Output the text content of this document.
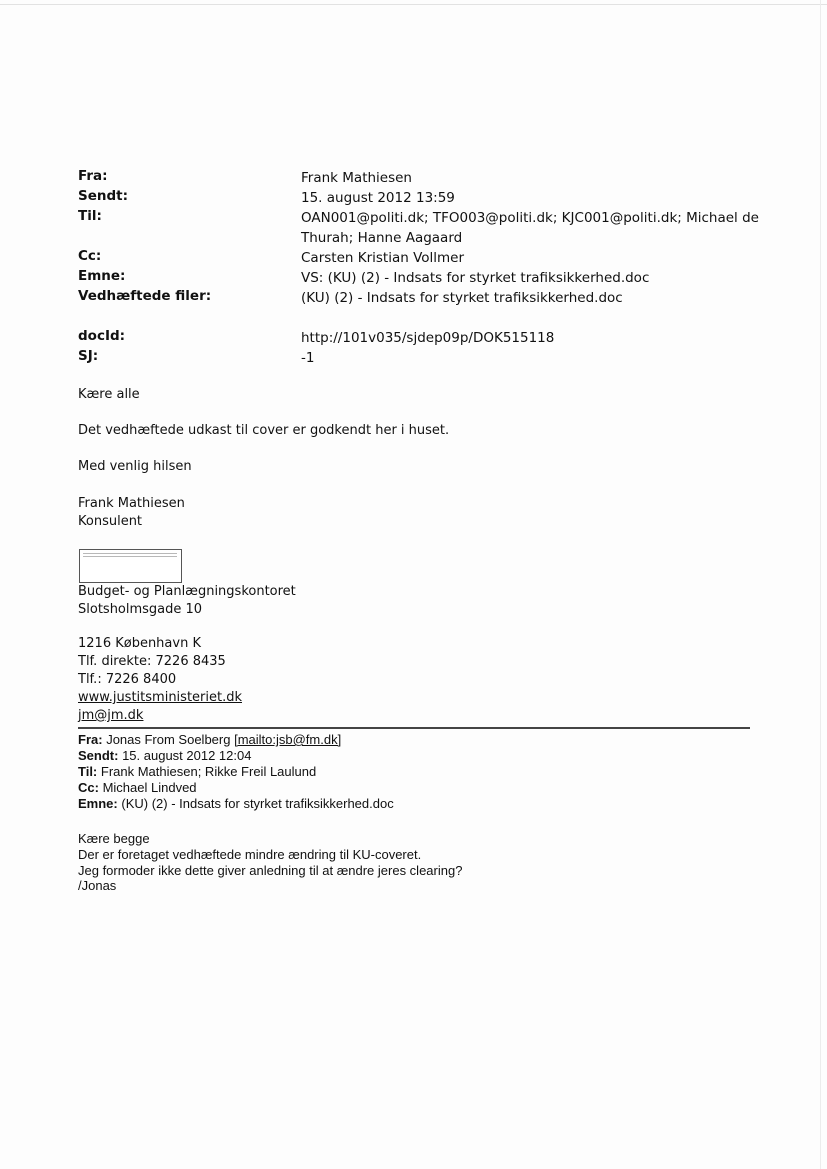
Fra:	Frank Mathiesen
Sendt:	15. august 2012 13:59
Til:	OAN001@politi.dk; TFO003@politi.dk; KJC001@politi.dk; Michael de Thurah; Hanne Aagaard
Cc:	Carsten Kristian Vollmer
Emne:	VS: (KU) (2) - Indsats for styrket trafiksikkerhed.doc
Vedhæftede filer:	(KU) (2) - Indsats for styrket trafiksikkerhed.doc
docId:	http://101v035/sjdep09p/DOK515118
SJ:	-1
Kære alle
Det vedhæftede udkast til cover er godkendt her i huset.
Med venlig hilsen
Frank Mathiesen
Konsulent
Budget- og Planlægningskontoret
Slotsholmsgade 10
1216 København K
Tlf. direkte: 7226 8435
Tlf.: 7226 8400
www.justitsministeriet.dk
jm@jm.dk
Fra: Jonas From Soelberg [mailto:jsb@fm.dk]
Sendt: 15. august 2012 12:04
Til: Frank Mathiesen; Rikke Freil Laulund
Cc: Michael Lindved
Emne: (KU) (2) - Indsats for styrket trafiksikkerhed.doc
Kære begge
Der er foretaget vedhæftede mindre ændring til KU-coveret.
Jeg formoder ikke dette giver anledning til at ændre jeres clearing?
/Jonas
